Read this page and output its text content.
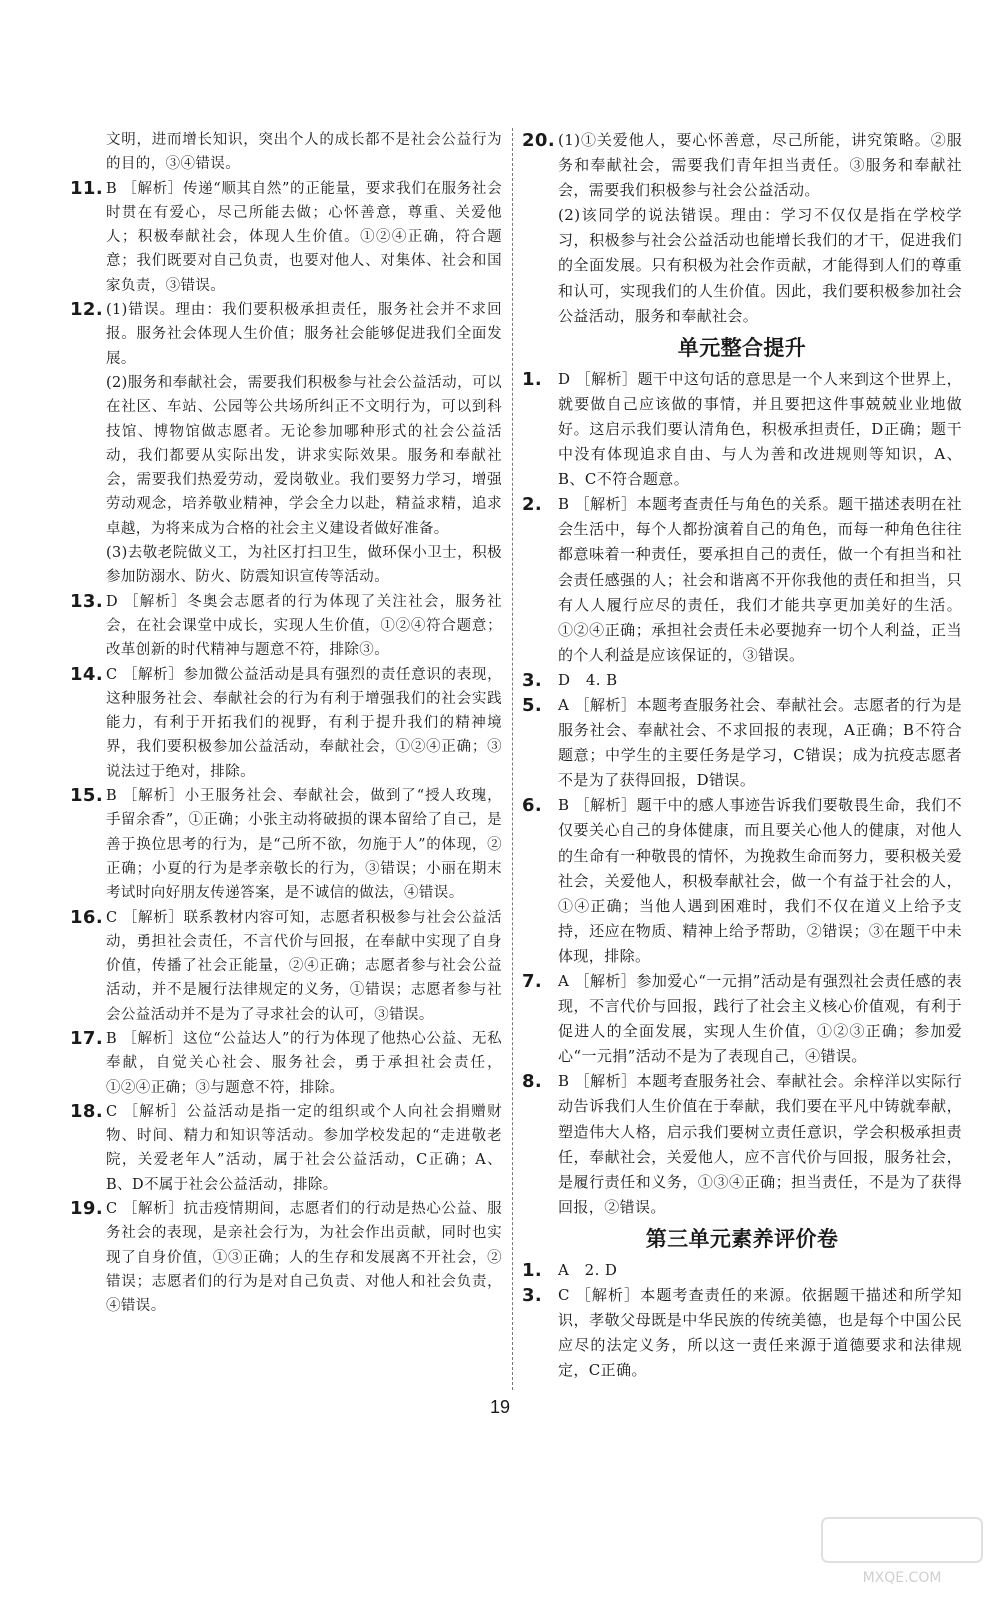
文明，进而增长知识，突出个人的成长都不是社会公益行为的目的，③④错误。
11. B ［解析］传递“顺其自然”的正能量，要求我们在服务社会时贯在有爱心，尽己所能去做；心怀善意，尊重、关爱他人；积极奉献社会，体现人生价值。①②④正确，符合题意；我们既要对自己负责，也要对他人、对集体、社会和国家负责，③错误。
12. (1)错误。理由：我们要积极承担责任，服务社会并不求回报。服务社会体现人生价值；服务社会能够促进我们全面发展。
(2)服务和奉献社会，需要我们积极参与社会公益活动，可以在社区、车站、公园等公共场所纠正不文明行为，可以到科技馆、博物馆做志愿者。无论参加哪种形式的社会公益活动，我们都要从实际出发，讲求实际效果。服务和奉献社会，需要我们热爱劳动，爱岗敬业。我们要努力学习，增强劳动观念，培养敬业精神，学会全力以赴，精益求精，追求卓越，为将来成为合格的社会主义建设者做好准备。
(3)去敬老院做义工，为社区打扫卫生，做环保小卫士，积极参加防溺水、防火、防震知识宣传等活动。
13. D ［解析］冬奥会志愿者的行为体现了关注社会，服务社会，在社会课堂中成长，实现人生价值，①②④符合题意；改革创新的时代精神与题意不符，排除③。
14. C ［解析］参加微公益活动是具有强烈的责任意识的表现，这种服务社会、奉献社会的行为有利于增强我们的社会实践能力，有利于开拓我们的视野，有利于提升我们的精神境界，我们要积极参加公益活动，奉献社会，①②④正确；③说法过于绝对，排除。
15. B ［解析］小王服务社会、奉献社会，做到了“授人玫瑰，手留余香”，①正确；小张主动将破损的课本留给了自己，是善于换位思考的行为，是“己所不欲，勿施于人”的体现，②正确；小夏的行为是孝亲敬长的行为，③错误；小丽在期末考试时向好朋友传递答案，是不诚信的做法，④错误。
16. C ［解析］联系教材内容可知，志愿者积极参与社会公益活动，勇担社会责任，不言代价与回报，在奉献中实现了自身价值，传播了社会正能量，②④正确；志愿者参与社会公益活动，并不是履行法律规定的义务，①错误；志愿者参与社会公益活动并不是为了寻求社会的认可，③错误。
17. B ［解析］这位“公益达人”的行为体现了他热心公益、无私奉献，自觉关心社会、服务社会，勇于承担社会责任，①②④正确；③与题意不符，排除。
18. C ［解析］公益活动是指一定的组织或个人向社会捐赠财物、时间、精力和知识等活动。参加学校发起的“走进敬老院，关爱老年人”活动，属于社会公益活动，C正确；A、B、D不属于社会公益活动，排除。
19. C ［解析］抗击疫情期间，志愿者们的行动是热心公益、服务社会的表现，是亲社会行为，为社会作出贡献，同时也实现了自身价值，①③正确；人的生存和发展离不开社会，②错误；志愿者们的行为是对自己负责、对他人和社会负责，④错误。
20. (1)①关爱他人，要心怀善意，尽己所能，讲究策略。②服务和奉献社会，需要我们青年担当责任。③服务和奉献社会，需要我们积极参与社会公益活动。
(2)该同学的说法错误。理由：学习不仅仅是指在学校学习，积极参与社会公益活动也能增长我们的才干，促进我们的全面发展。只有积极为社会作贡献，才能得到人们的尊重和认可，实现我们的人生价值。因此，我们要积极参加社会公益活动，服务和奉献社会。
单元整合提升
1. D ［解析］题干中这句话的意思是一个人来到这个世界上，就要做自己应该做的事情，并且要把这件事兢兢业业地做好。这启示我们要认清角色，积极承担责任，D正确；题干中没有体现追求自由、与人为善和改进规则等知识，A、B、C不符合题意。
2. B ［解析］本题考查责任与角色的关系。题干描述表明在社会生活中，每个人都扮演着自己的角色，而每一种角色往往都意味着一种责任，要承担自己的责任，做一个有担当和社会责任感强的人；社会和谐离不开你我他的责任和担当，只有人人履行应尽的责任，我们才能共享更加美好的生活。①②④正确；承担社会责任未必要抛弃一切个人利益，正当的个人利益是应该保证的，③错误。
3. D　4. B
5. A ［解析］本题考查服务社会、奉献社会。志愿者的行为是服务社会、奉献社会、不求回报的表现，A正确；B不符合题意；中学生的主要任务是学习，C错误；成为抗疫志愿者不是为了获得回报，D错误。
6. B ［解析］题干中的感人事迹告诉我们要敬畏生命，我们不仅要关心自己的身体健康，而且要关心他人的健康，对他人的生命有一种敬畏的情怀，为挽救生命而努力，要积极关爱社会，关爱他人，积极奉献社会，做一个有益于社会的人，①④正确；当他人遇到困难时，我们不仅在道义上给予支持，还应在物质、精神上给予帮助，②错误；③在题干中未体现，排除。
7. A ［解析］参加爱心“一元捐”活动是有强烈社会责任感的表现，不言代价与回报，践行了社会主义核心价值观，有利于促进人的全面发展，实现人生价值，①②③正确；参加爱心“一元捐”活动不是为了表现自己，④错误。
8. B ［解析］本题考查服务社会、奉献社会。余梓洋以实际行动告诉我们人生价值在于奉献，我们要在平凡中铸就奉献，塑造伟大人格，启示我们要树立责任意识，学会积极承担责任，奉献社会，关爱他人，应不言代价与回报，服务社会，是履行责任和义务，①③④正确；担当责任，不是为了获得回报，②错误。
第三单元素养评价卷
1. A　2. D
3. C ［解析］本题考查责任的来源。依据题干描述和所学知识，孝敬父母既是中华民族的传统美德，也是每个中国公民应尽的法定义务，所以这一责任来源于道德要求和法律规定，C正确。
19
MXQE.COM
